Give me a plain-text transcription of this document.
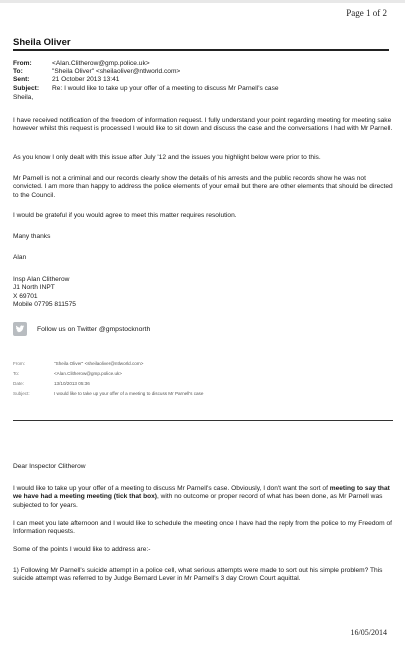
Page 1 of 2
Sheila Oliver
From:	<Alan.Clitherow@gmp.police.uk>
To:	"Sheila Oliver" <sheilaoliver@ntlworld.com>
Sent:	21 October 2013 13:41
Subject: Re: I would like to take up your offer of a meeting to discuss Mr Parnell's case
Sheila,
I have received notification of the freedom of information request. I fully understand your point regarding meeting for meeting sake however whilst this request is processed I would like to sit down and discuss the case and the conversations I had with Mr Parnell.
As you know I only dealt with this issue after July '12 and the issues you highlight below were prior to this.
Mr Parnell is not a criminal and our records clearly show the details of his arrests and the public records show he was not convicted. I am more than happy to address the police elements of your email but there are other elements that should be directed to the Council.
I would be grateful if you would agree to meet this matter requires resolution.
Many thanks
Alan
Insp Alan Clitherow
J1 North INPT
X 69701
Mobile 07795 811575
Follow us on Twitter @gmpstocknorth
From:	"Sheila Oliver" <sheilaoliver@ntlworld.com>
To:	<Alan.Clitherow@gmp.police.uk>
Date:	13/10/2013 05:36
Subject:	I would like to take up your offer of a meeting to discuss Mr Parnell's case
Dear Inspector Clitherow
I would like to take up your offer of a meeting to discuss Mr Parnell's case. Obviously, I don't want the sort of meeting to say that we have had a meeting meeting (tick that box), with no outcome or proper record of what has been done, as Mr Parnell was subjected to for years.
I can meet you late afternoon and I would like to schedule the meeting once I have had the reply from the police to my Freedom of Information requests.
Some of the points I would like to address are:-
1) Following Mr Parnell's suicide attempt in a police cell, what serious attempts were made to sort out his simple problem? This suicide attempt was referred to by Judge Bernard Lever in Mr Parnell's 3 day Crown Court aquittal.
16/05/2014
